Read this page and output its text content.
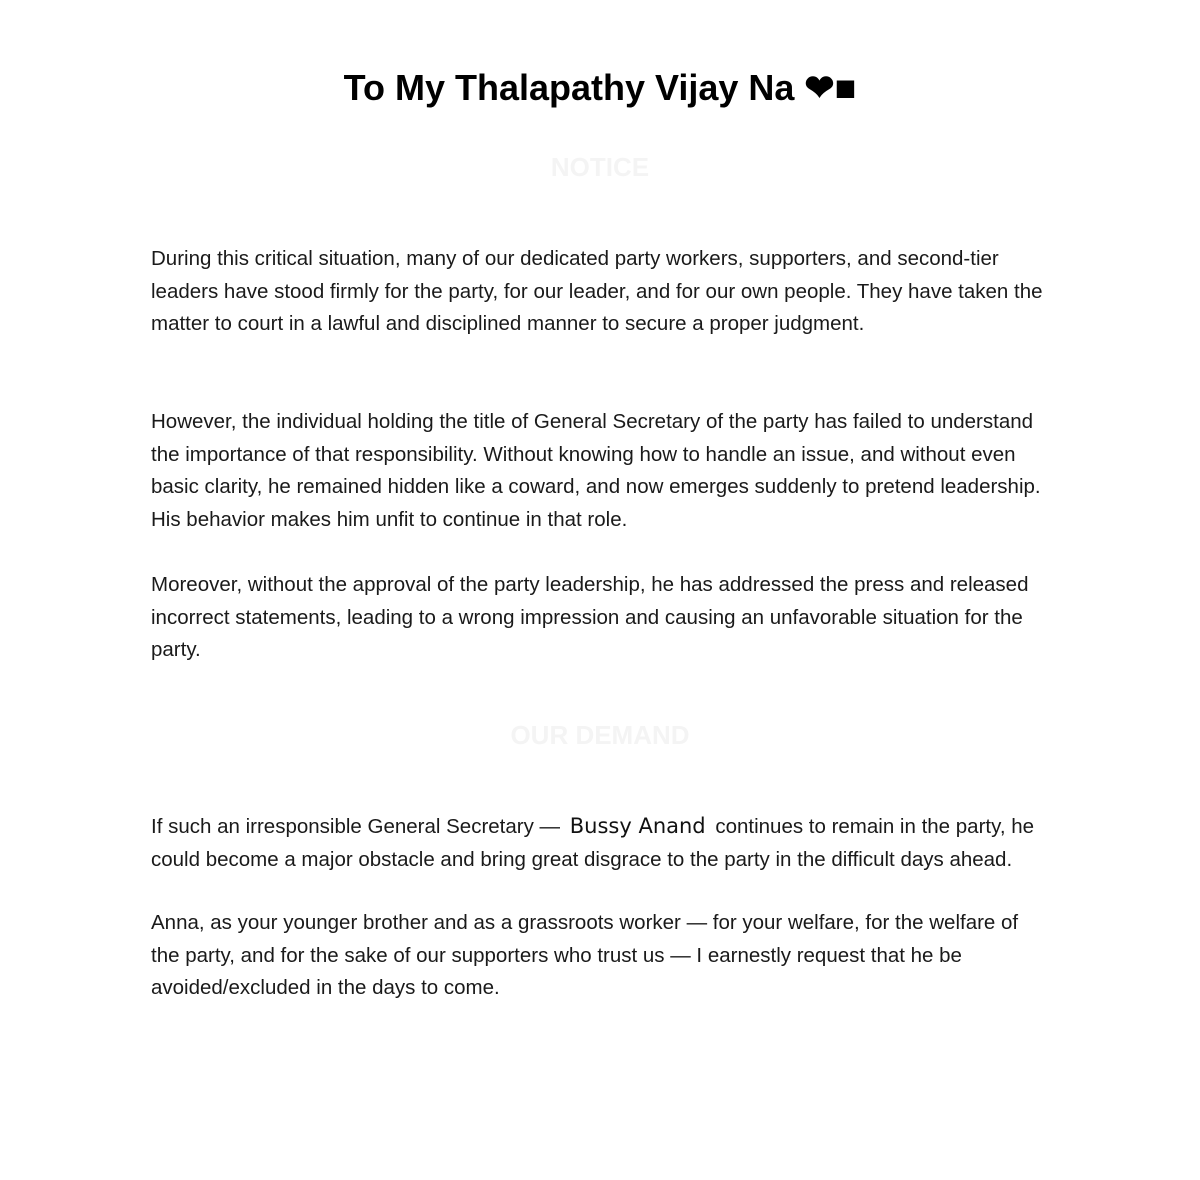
To My Thalapathy Vijay Na ❤■
NOTICE

During this critical situation, many of our dedicated party workers, supporters, and second-tier leaders have stood firmly for the party, for our leader, and for our own people. They have taken the matter to court in a lawful and disciplined manner to secure a proper judgment.

However, the individual holding the title of General Secretary of the party has failed to understand the importance of that responsibility. Without knowing how to handle an issue, and without even basic clarity, he remained hidden like a coward, and now emerges suddenly to pretend leadership. His behavior makes him unfit to continue in that role.

Moreover, without the approval of the party leadership, he has addressed the press and released incorrect statements, leading to a wrong impression and causing an unfavorable situation for the party.

OUR DEMAND

If such an irresponsible General Secretary — Bussy Anand continues to remain in the party, he could become a major obstacle and bring great disgrace to the party in the difficult days ahead.

Anna, as your younger brother and as a grassroots worker — for your welfare, for the welfare of the party, and for the sake of our supporters who trust us — I earnestly request that he be avoided/excluded in the days to come.
